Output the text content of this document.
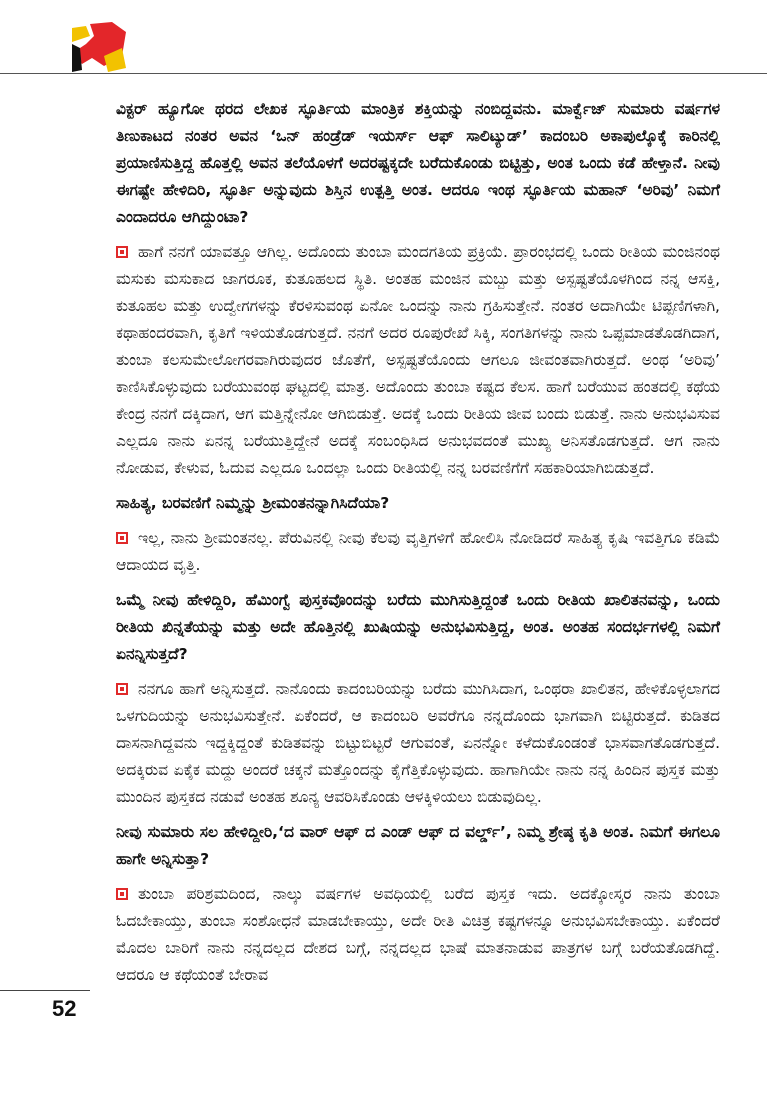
ವಿಕ್ಟರ್ ಹ್ಯೂಗೋ ಥರದ ಲೇಖಕ ಸ್ಫೂರ್ತಿಯ ಮಾಂತ್ರಿಕ ಶಕ್ತಿಯನ್ನು ನಂಬಿದ್ದವನು. ಮಾರ್ಕ್ವೆಜ್ ಸುಮಾರು ವರ್ಷಗಳ ತಿಣುಕಾಟದ ನಂತರ ಅವನ ‘ಒನ್ ಹಂಡ್ರೆಡ್ ಇಯರ್ಸ್ ಆಫ್ ಸಾಲಿಟ್ಯುಡ್’ ಕಾದಂಬರಿ ಅಕಾಪುಲ್ಕೊಕ್ಕೆ ಕಾರಿನಲ್ಲಿ ಪ್ರಯಾಣಿಸುತ್ತಿದ್ದ ಹೊತ್ತಲ್ಲಿ ಅವನ ತಲೆಯೊಳಗೆ ಅದರಷ್ಟಕ್ಕದೇ ಬರೆದುಕೊಂಡು ಬಿಟ್ಟಿತ್ತು, ಅಂತ ಒಂದು ಕಡೆ ಹೇಳ್ತಾನೆ. ನೀವು ಈಗಷ್ಟೇ ಹೇಳಿದಿರಿ, ಸ್ಫೂರ್ತಿ ಅನ್ನುವುದು ಶಿಸ್ತಿನ ಉತ್ಪತ್ತಿ ಅಂತ. ಆದರೂ ಇಂಥ ಸ್ಫೂರ್ತಿಯ ಮಹಾನ್ ‘ಅರಿವು’ ನಿಮಗೆ ಎಂದಾದರೂ ಆಗಿದ್ದುಂಟಾ?

ಹಾಗೆ ನನಗೆ ಯಾವತ್ತೂ ಆಗಿಲ್ಲ. ಅದೊಂದು ತುಂಬಾ ಮಂದಗತಿಯ ಪ್ರಕ್ರಿಯೆ. ಪ್ರಾರಂಭದಲ್ಲಿ ಒಂದು ರೀತಿಯ ಮಂಜಿನಂಥ ಮಸುಕು ಮಸುಕಾದ ಜಾಗರೂಕ, ಕುತೂಹಲದ ಸ್ಥಿತಿ. ಅಂತಹ ಮಂಜಿನ ಮಬ್ಬು ಮತ್ತು ಅಸ್ಪಷ್ಟತೆಯೊಳಗಿಂದ ನನ್ನ ಆಸಕ್ತಿ, ಕುತೂಹಲ ಮತ್ತು ಉದ್ವೇಗಗಳನ್ನು ಕೆರಳಿಸುವಂಥ ಏನೋ ಒಂದನ್ನು ನಾನು ಗ್ರಹಿಸುತ್ತೇನೆ. ನಂತರ ಅದಾಗಿಯೇ ಟಿಪ್ಪಣಿಗಳಾಗಿ, ಕಥಾಹಂದರವಾಗಿ, ಕೃತಿಗೆ ಇಳಿಯತೊಡಗುತ್ತದೆ. ನನಗೆ ಅದರ ರೂಪುರೇಖೆ ಸಿಕ್ಕಿ, ಸಂಗತಿಗಳನ್ನು ನಾನು ಒಪ್ಪಮಾಡತೊಡಗಿದಾಗ, ತುಂಬಾ ಕಲಸುಮೇಲೋಗರವಾಗಿರುವುದರ ಜೊತೆಗೆ, ಅಸ್ಪಷ್ಟತೆಯೊಂದು ಆಗಲೂ ಜೀವಂತವಾಗಿರುತ್ತದೆ. ಅಂಥ ‘ಅರಿವು’ ಕಾಣಿಸಿಕೊಳ್ಳುವುದು ಬರೆಯುವಂಥ ಘಟ್ಟದಲ್ಲಿ ಮಾತ್ರ. ಅದೊಂದು ತುಂಬಾ ಕಷ್ಟದ ಕೆಲಸ. ಹಾಗೆ ಬರೆಯುವ ಹಂತದಲ್ಲಿ ಕಥೆಯ ಕೇಂದ್ರ ನನಗೆ ದಕ್ಕಿದಾಗ, ಆಗ ಮತ್ತಿನ್ನೇನೋ ಆಗಿಬಿಡುತ್ತೆ. ಅದಕ್ಕೆ ಒಂದು ರೀತಿಯ ಜೀವ ಬಂದು ಬಿಡುತ್ತೆ. ನಾನು ಅನುಭವಿಸುವ ಎಲ್ಲದೂ ನಾನು ಏನನ್ನ ಬರೆಯುತ್ತಿದ್ದೇನೆ ಅದಕ್ಕೆ ಸಂಬಂಧಿಸಿದ ಅನುಭವದಂತೆ ಮುಖ್ಯ ಅನಿಸತೊಡಗುತ್ತದೆ. ಆಗ ನಾನು ನೋಡುವ, ಕೇಳುವ, ಓದುವ ಎಲ್ಲದೂ ಒಂದಲ್ಲಾ ಒಂದು ರೀತಿಯಲ್ಲಿ ನನ್ನ ಬರವಣಿಗೆಗೆ ಸಹಕಾರಿಯಾಗಿಬಿಡುತ್ತದೆ.

ಸಾಹಿತ್ಯ, ಬರವಣಿಗೆ ನಿಮ್ಮನ್ನು ಶ್ರೀಮಂತನನ್ನಾಗಿಸಿದೆಯಾ?

ಇಲ್ಲ, ನಾನು ಶ್ರೀಮಂತನಲ್ಲ. ಪೆರುವಿನಲ್ಲಿ ನೀವು ಕೆಲವು ವೃತ್ತಿಗಳಿಗೆ ಹೋಲಿಸಿ ನೋಡಿದರೆ ಸಾಹಿತ್ಯ ಕೃಷಿ ಇವತ್ತಿಗೂ ಕಡಿಮೆ ಆದಾಯದ ವೃತ್ತಿ.

ಒಮ್ಮೆ ನೀವು ಹೇಳಿದ್ದಿರಿ, ಹೆಮಿಂಗ್ವೆ ಪುಸ್ತಕವೊಂದನ್ನು ಬರೆದು ಮುಗಿಸುತ್ತಿದ್ದಂತೆ ಒಂದು ರೀತಿಯ ಖಾಲಿತನವನ್ನು, ಒಂದು ರೀತಿಯ ಖಿನ್ನತೆಯನ್ನು ಮತ್ತು ಅದೇ ಹೊತ್ತಿನಲ್ಲಿ ಖುಷಿಯನ್ನು ಅನುಭವಿಸುತ್ತಿದ್ದ, ಅಂತ. ಅಂತಹ ಸಂದರ್ಭಗಳಲ್ಲಿ ನಿಮಗೆ ಏನನ್ನಿಸುತ್ತದೆ?

ನನಗೂ ಹಾಗೆ ಅನ್ನಿಸುತ್ತದೆ. ನಾನೊಂದು ಕಾದಂಬರಿಯನ್ನು ಬರೆದು ಮುಗಿಸಿದಾಗ, ಒಂಥರಾ ಖಾಲಿತನ, ಹೇಳಿಕೊಳ್ಳಲಾಗದ ಒಳಗುದಿಯನ್ನು ಅನುಭವಿಸುತ್ತೇನೆ. ಏಕೆಂದರೆ, ಆ ಕಾದಂಬರಿ ಅವರೆಗೂ ನನ್ನದೊಂದು ಭಾಗವಾಗಿ ಬಿಟ್ಟಿರುತ್ತದೆ. ಕುಡಿತದ ದಾಸನಾಗಿದ್ದವನು ಇದ್ದಕ್ಕಿದ್ದಂತೆ ಕುಡಿತವನ್ನು ಬಿಟ್ಟುಬಿಟ್ಟರೆ ಆಗುವಂತೆ, ಏನನ್ನೋ ಕಳೆದುಕೊಂಡಂತೆ ಭಾಸವಾಗತೊಡಗುತ್ತದೆ. ಅದಕ್ಕಿರುವ ಏಕೈಕ ಮದ್ದು ಅಂದರೆ ಚಕ್ಕನೆ ಮತ್ತೊಂದನ್ನು ಕೈಗೆತ್ತಿಕೊಳ್ಳುವುದು. ಹಾಗಾಗಿಯೇ ನಾನು ನನ್ನ ಹಿಂದಿನ ಪುಸ್ತಕ ಮತ್ತು ಮುಂದಿನ ಪುಸ್ತಕದ ನಡುವೆ ಅಂತಹ ಶೂನ್ಯ ಆವರಿಸಿಕೊಂಡು ಆಳಕ್ಕಿಳಿಯಲು ಬಿಡುವುದಿಲ್ಲ.

ನೀವು ಸುಮಾರು ಸಲ ಹೇಳಿದ್ದೀರಿ,‘ದ ವಾರ್ ಆಫ್ ದ ಎಂಡ್ ಆಫ್ ದ ವರ್ಲ್ಡ್’, ನಿಮ್ಮ ಶ್ರೇಷ್ಠ ಕೃತಿ ಅಂತ. ನಿಮಗೆ ಈಗಲೂ ಹಾಗೇ ಅನ್ನಿಸುತ್ತಾ?

ತುಂಬಾ ಪರಿಶ್ರಮದಿಂದ, ನಾಲ್ಕು ವರ್ಷಗಳ ಅವಧಿಯಲ್ಲಿ ಬರೆದ ಪುಸ್ತಕ ಇದು. ಅದಕ್ಕೋಸ್ಕರ ನಾನು ತುಂಬಾ ಓದಬೇಕಾಯ್ತು, ತುಂಬಾ ಸಂಶೋಧನೆ ಮಾಡಬೇಕಾಯ್ತು, ಅದೇ ರೀತಿ ವಿಚಿತ್ರ ಕಷ್ಟಗಳನ್ನೂ ಅನುಭವಿಸಬೇಕಾಯ್ತು. ಏಕೆಂದರೆ ಮೊದಲ ಬಾರಿಗೆ ನಾನು ನನ್ನದಲ್ಲದ ದೇಶದ ಬಗ್ಗೆ, ನನ್ನದಲ್ಲದ ಭಾಷೆ ಮಾತನಾಡುವ ಪಾತ್ರಗಳ ಬಗ್ಗೆ ಬರೆಯತೊಡಗಿದ್ದೆ. ಆದರೂ ಆ ಕಥೆಯಂತೆ ಬೇರಾವ

52
